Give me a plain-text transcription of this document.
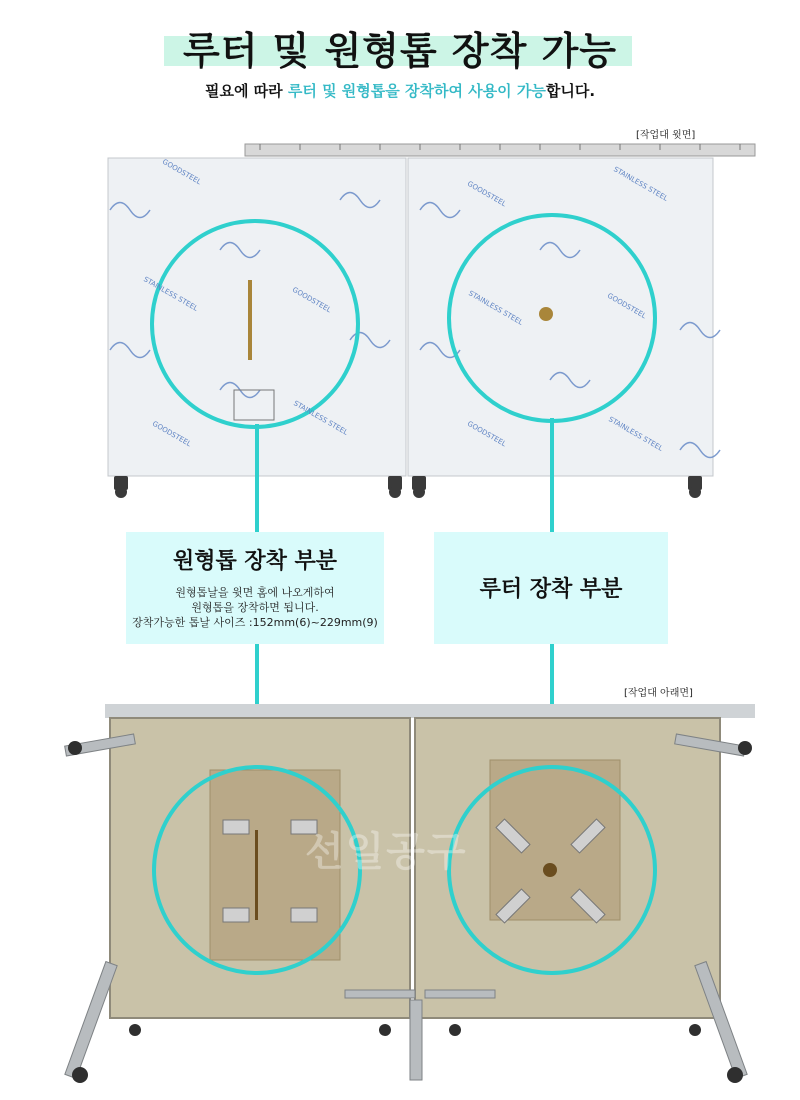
루터 및 원형톱 장착 가능
필요에 따라 루터 및 원형톱을 장착하여 사용이 가능합니다.
[작업대 윗면]
GOODSTEEL
STAINLESS STEEL	GOODSTEEL
STAINLESS STEEL
GOODSTEEL
GOODSTEEL	STAINLESS STEEL
STAINLESS STEEL	GOODSTEEL
GOODSTEEL	STAINLESS STEEL
원형톱 장착 부분
원형톱날을 윗면 홈에 나오게하여
원형톱을 장착하면 됩니다.
장착가능한 톱날 사이즈 :152mm(6)~229mm(9)
루터 장착 부분
[작업대 아래면]
선일공구
